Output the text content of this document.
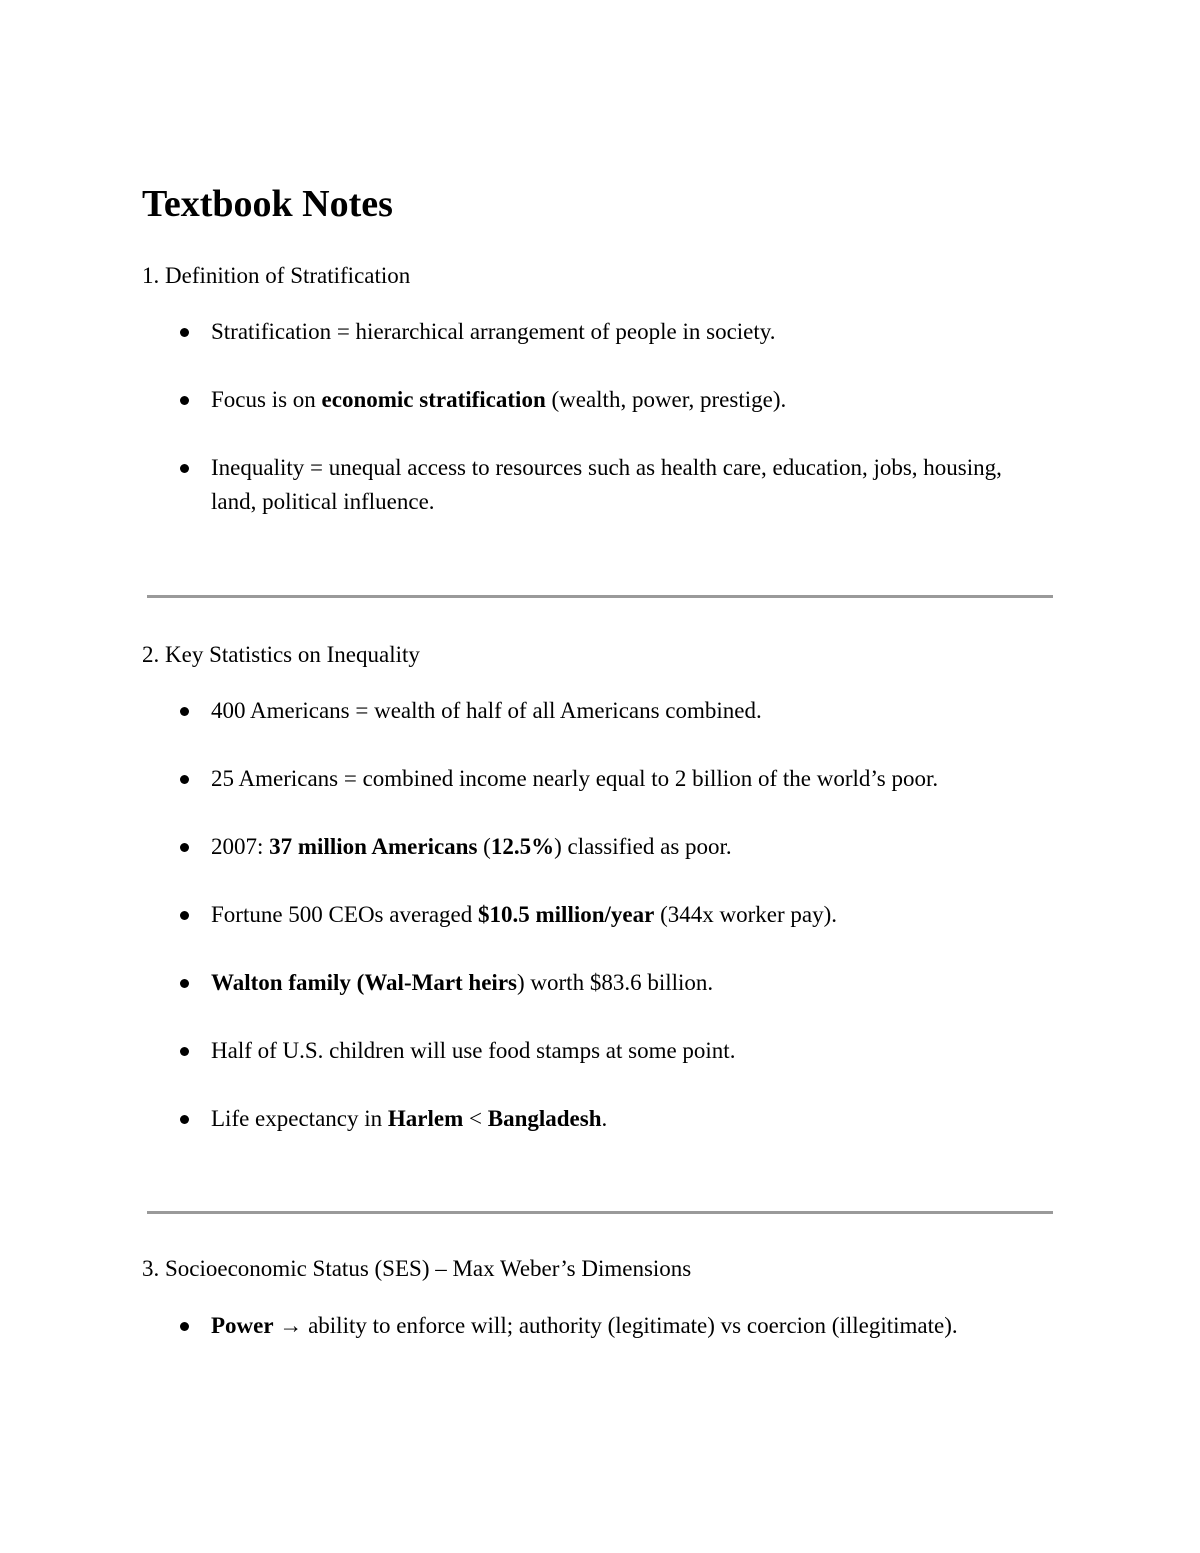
Textbook Notes
1. Definition of Stratification
Stratification = hierarchical arrangement of people in society.
Focus is on economic stratification (wealth, power, prestige).
Inequality = unequal access to resources such as health care, education, jobs, housing, land, political influence.
2. Key Statistics on Inequality
400 Americans = wealth of half of all Americans combined.
25 Americans = combined income nearly equal to 2 billion of the world’s poor.
2007: 37 million Americans (12.5%) classified as poor.
Fortune 500 CEOs averaged $10.5 million/year (344x worker pay).
Walton family (Wal-Mart heirs) worth $83.6 billion.
Half of U.S. children will use food stamps at some point.
Life expectancy in Harlem < Bangladesh.
3. Socioeconomic Status (SES) – Max Weber’s Dimensions
Power → ability to enforce will; authority (legitimate) vs coercion (illegitimate).
